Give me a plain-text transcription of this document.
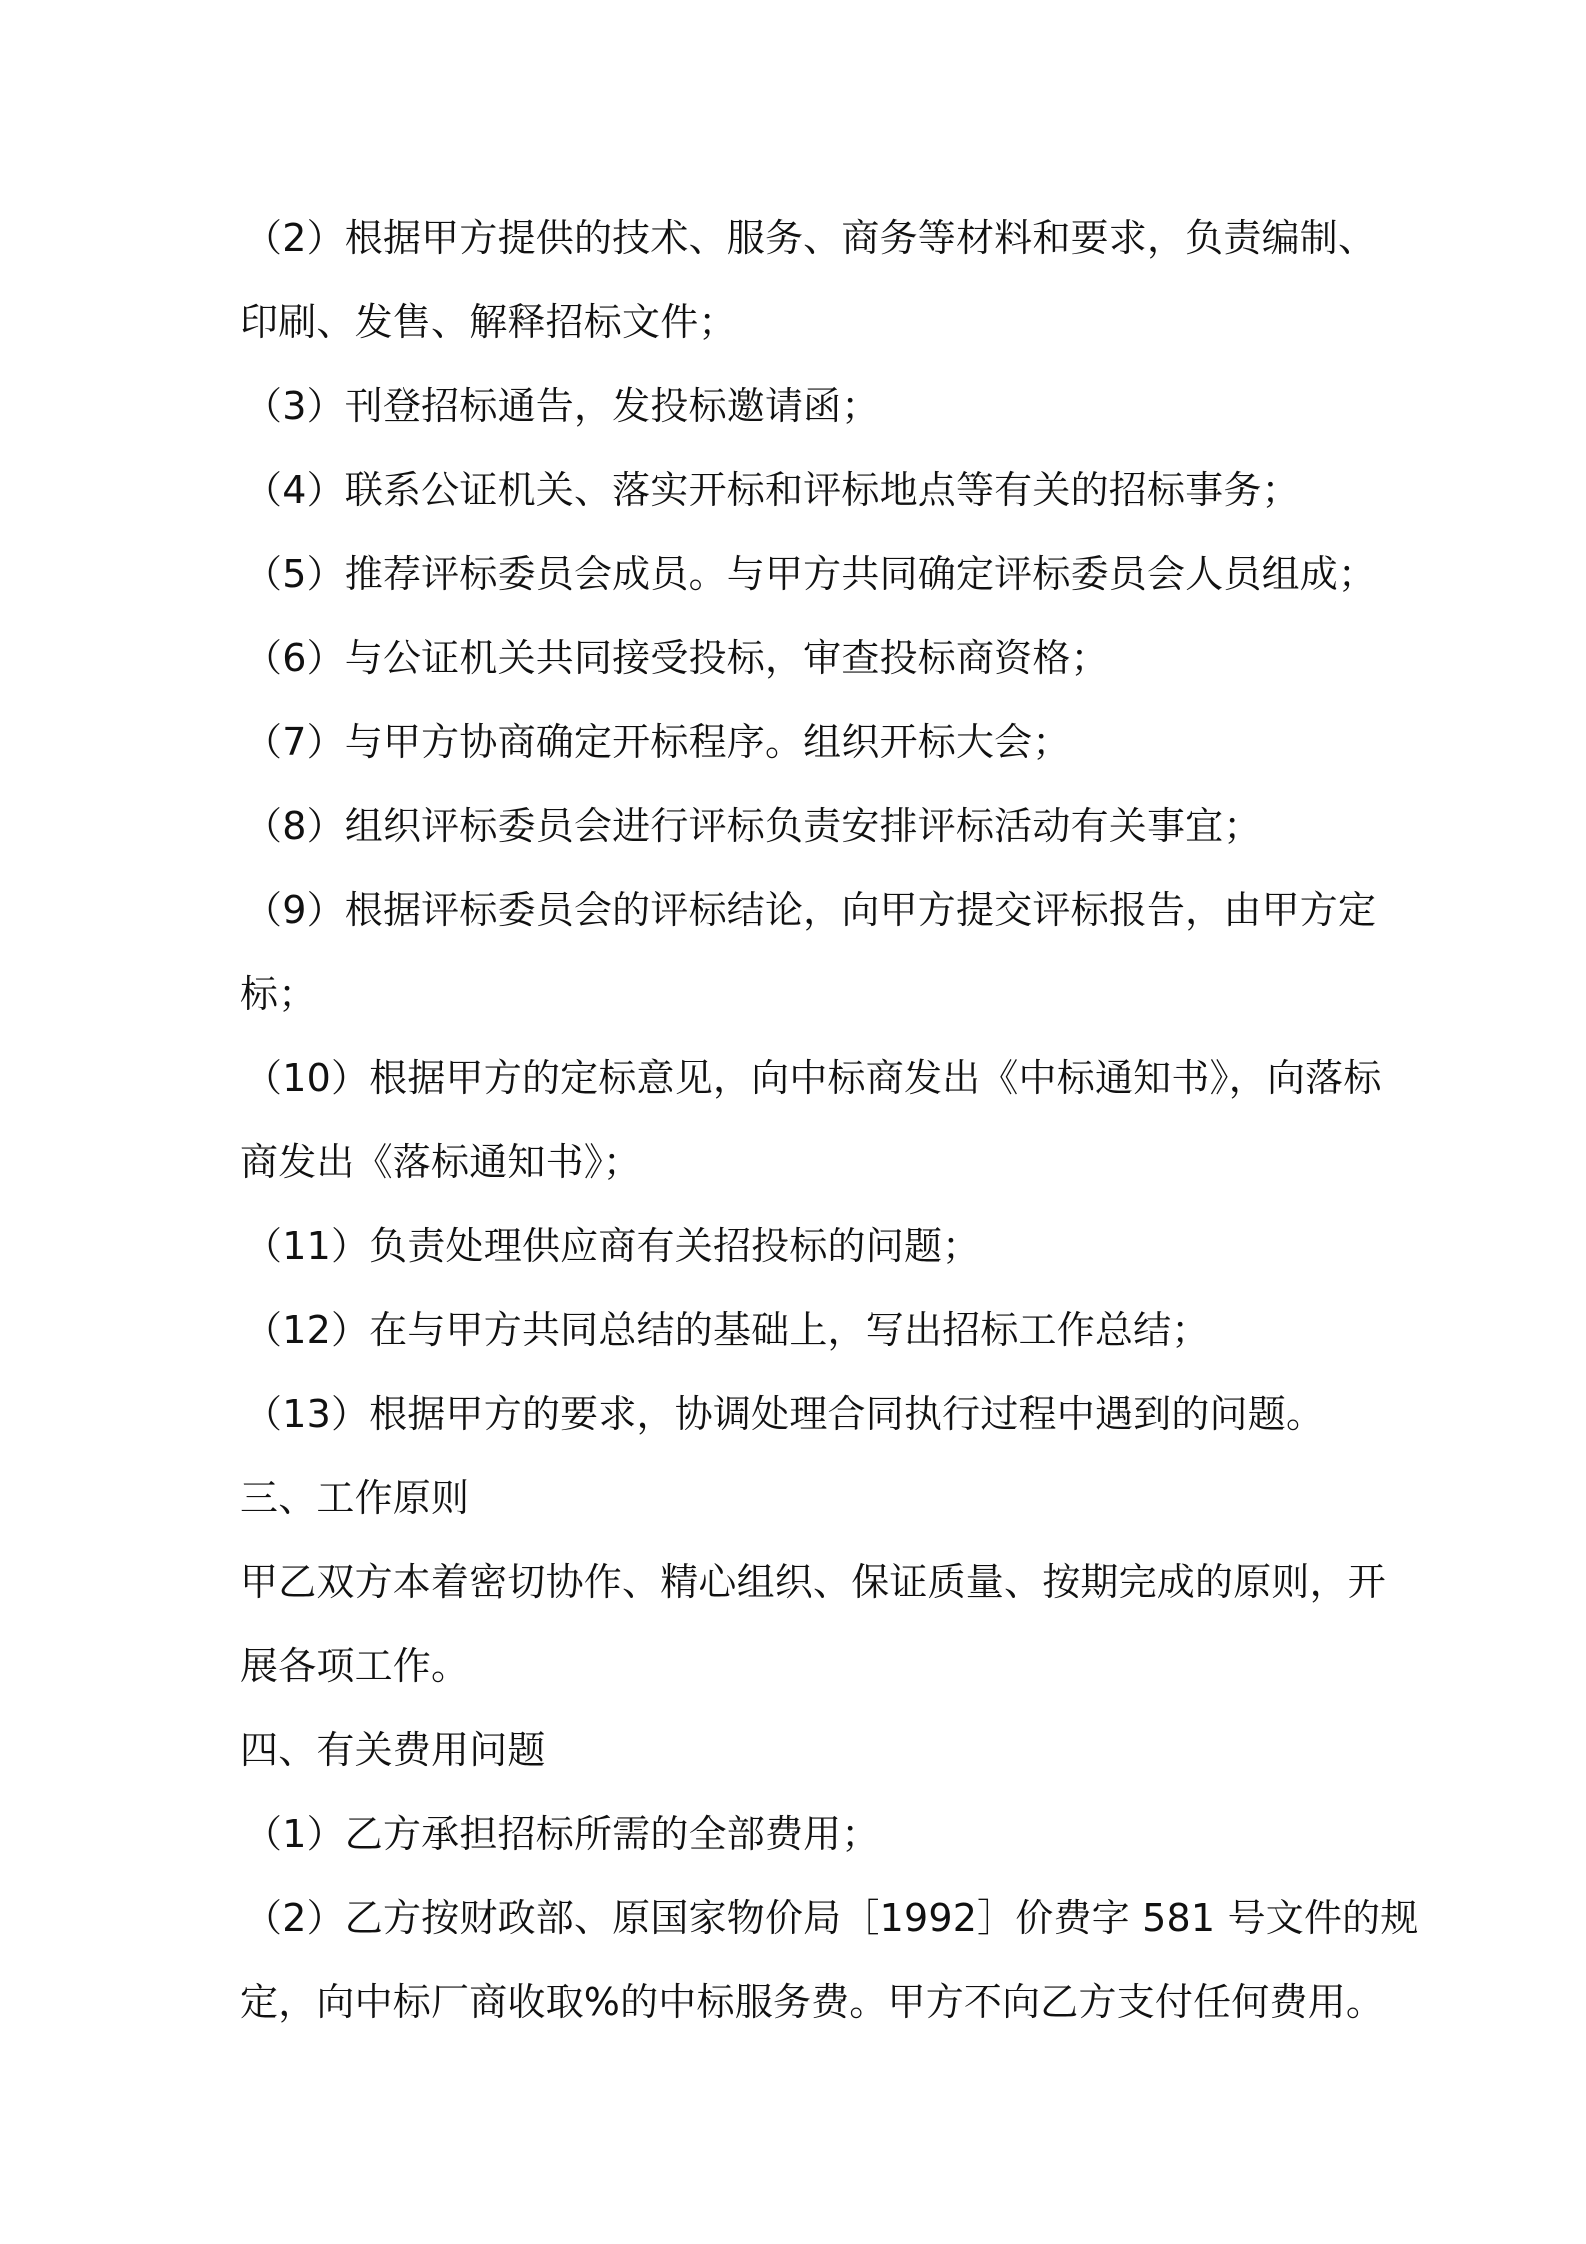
（2）根据甲方提供的技术、服务、商务等材料和要求，负责编制、
印刷、发售、解释招标文件；
（3）刊登招标通告，发投标邀请函；
（4）联系公证机关、落实开标和评标地点等有关的招标事务；
（5）推荐评标委员会成员。与甲方共同确定评标委员会人员组成；
（6）与公证机关共同接受投标，审查投标商资格；
（7）与甲方协商确定开标程序。组织开标大会；
（8）组织评标委员会进行评标负责安排评标活动有关事宜；
（9）根据评标委员会的评标结论，向甲方提交评标报告，由甲方定
标；
（10）根据甲方的定标意见，向中标商发出《中标通知书》，向落标
商发出《落标通知书》；
（11）负责处理供应商有关招投标的问题；
（12）在与甲方共同总结的基础上，写出招标工作总结；
（13）根据甲方的要求，协调处理合同执行过程中遇到的问题。
三、工作原则
甲乙双方本着密切协作、精心组织、保证质量、按期完成的原则，开
展各项工作。
四、有关费用问题
（1）乙方承担招标所需的全部费用；
（2）乙方按财政部、原国家物价局［1992］价费字 581 号文件的规
定，向中标厂商收取%的中标服务费。甲方不向乙方支付任何费用。
